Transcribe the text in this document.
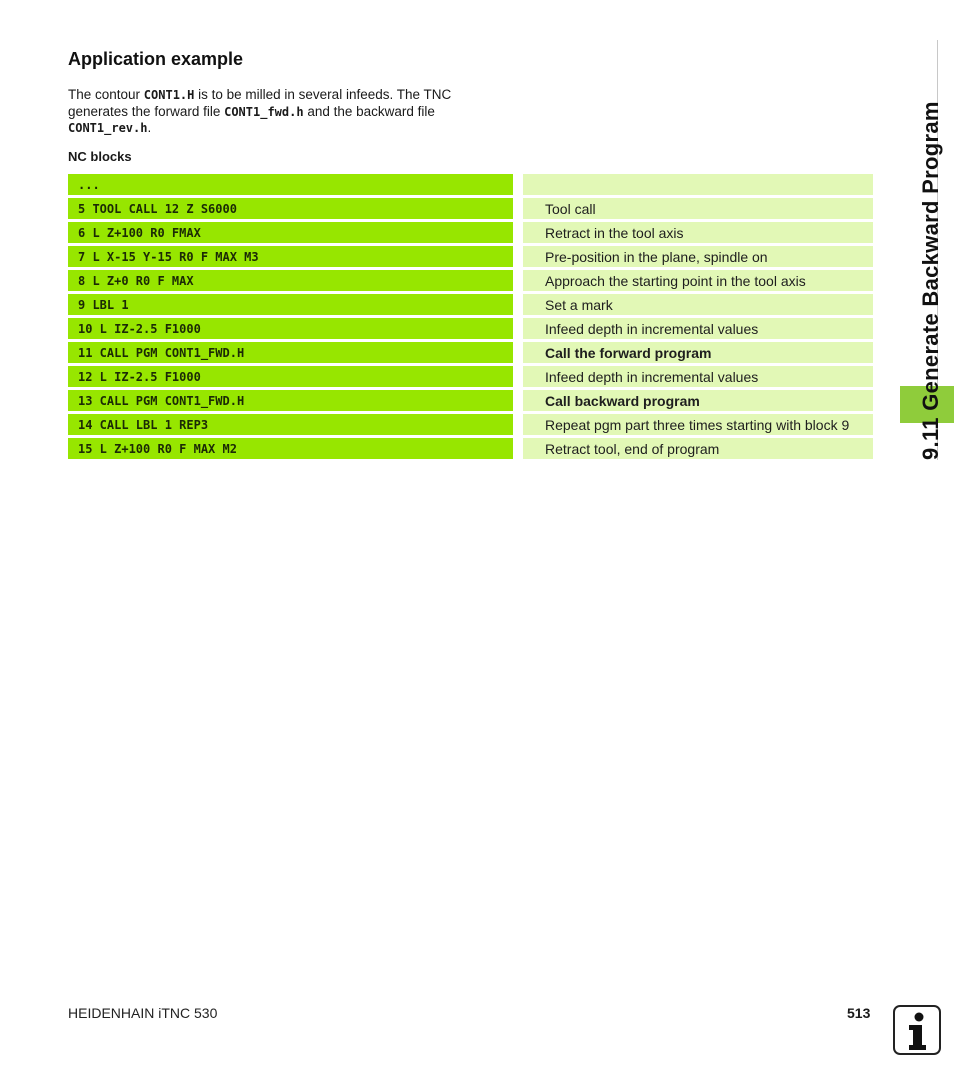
Application example
The contour CONT1.H is to be milled in several infeeds. The TNC generates the forward file CONT1_fwd.h and the backward file CONT1_rev.h.
NC blocks
...		
5 TOOL CALL 12 Z S6000		Tool call
6 L Z+100 R0 FMAX		Retract in the tool axis
7 L X-15 Y-15 R0 F MAX M3		Pre-position in the plane, spindle on
8 L Z+0 R0 F MAX		Approach the starting point in the tool axis
9 LBL 1		Set a mark
10 L IZ-2.5 F1000		Infeed depth in incremental values
11 CALL PGM CONT1_FWD.H		Call the forward program
12 L IZ-2.5 F1000		Infeed depth in incremental values
13 CALL PGM CONT1_FWD.H		Call backward program
14 CALL LBL 1 REP3		Repeat pgm part three times starting with block 9
15 L Z+100 R0 F MAX M2		Retract tool, end of program	9.11 Generate Backward Program
HEIDENHAIN iTNC 530	513
